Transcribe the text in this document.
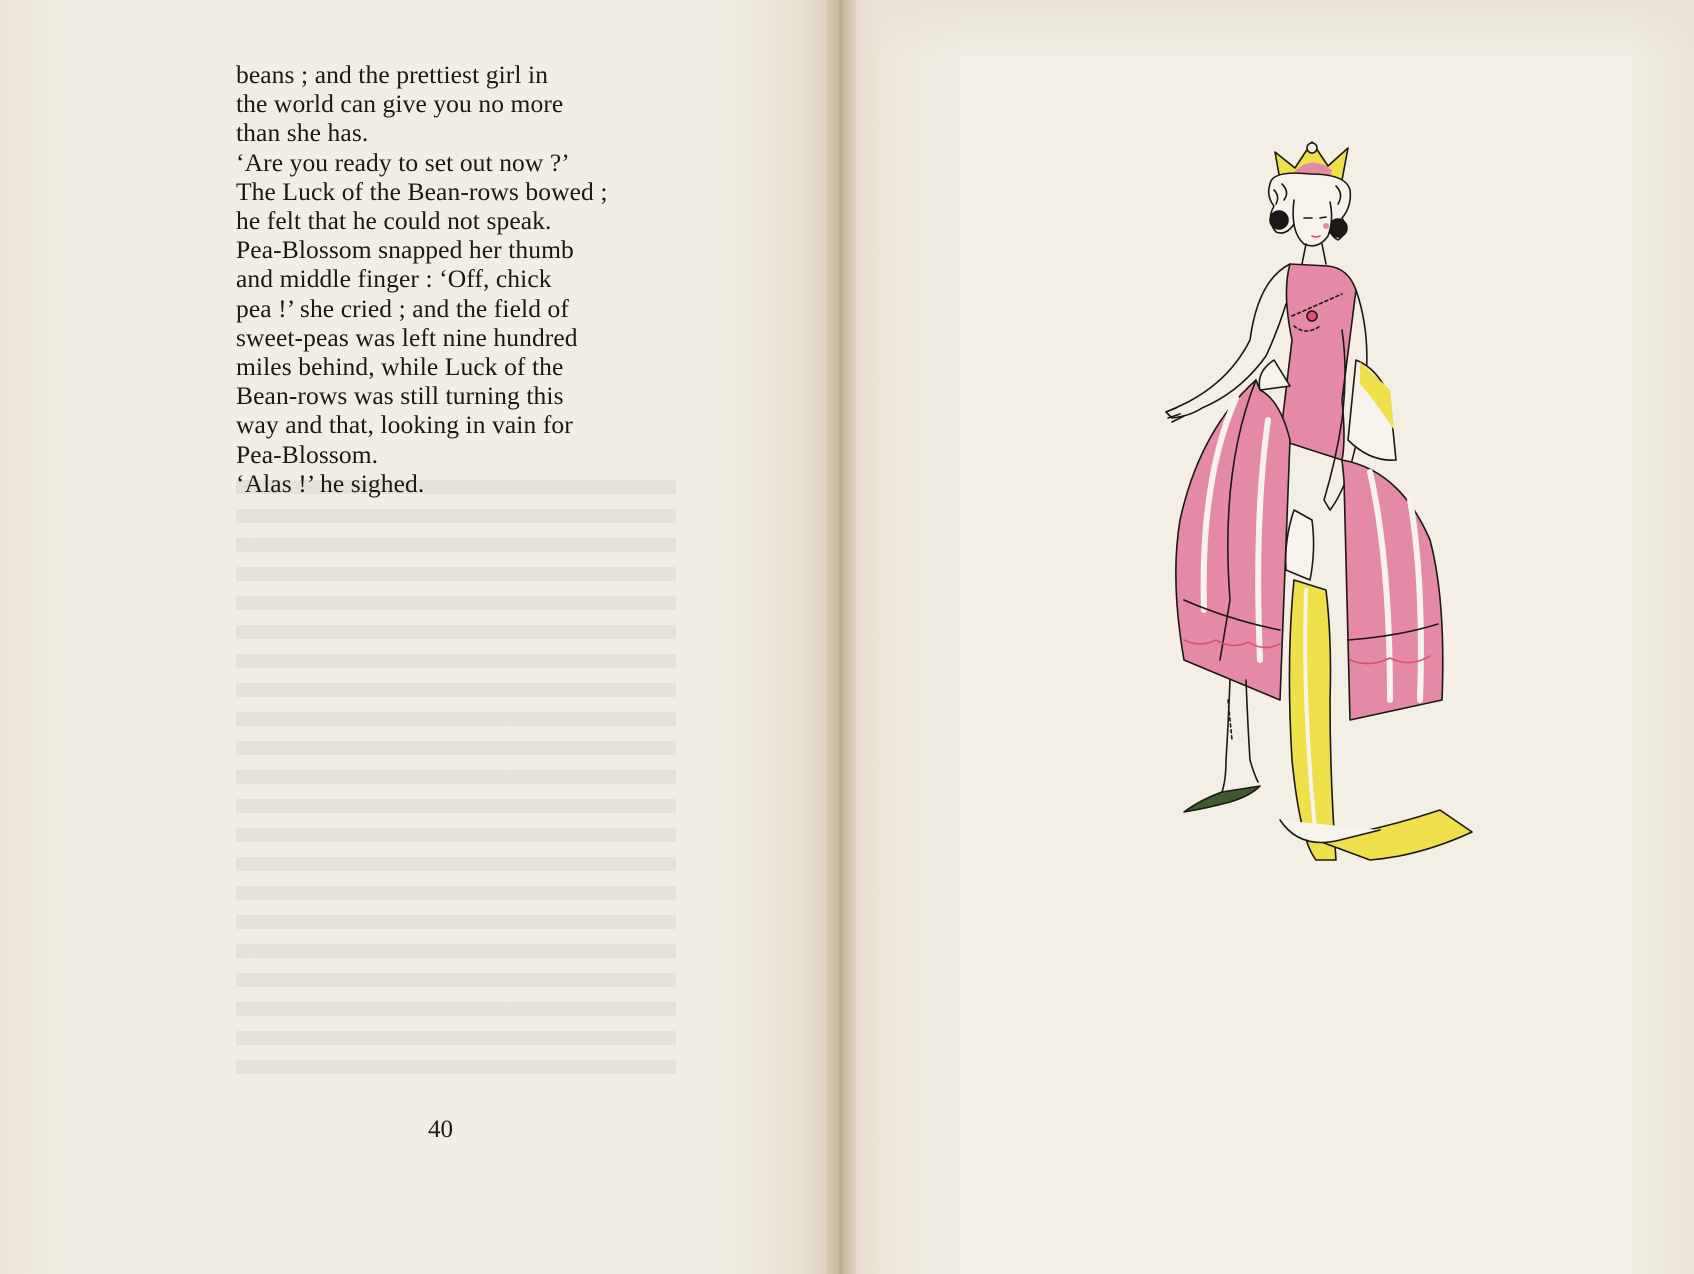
beans ; and the prettiest girl in
the world can give you no more
than she has.
‘Are you ready to set out now ?’
The Luck of the Bean-rows bowed ;
he felt that he could not speak.
Pea-Blossom snapped her thumb
and middle finger : ‘Off, chick
pea !’ she cried ; and the field of
sweet-peas was left nine hundred
miles behind, while Luck of the
Bean-rows was still turning this
way and that, looking in vain for
Pea-Blossom.
‘Alas !’ he sighed.
40
